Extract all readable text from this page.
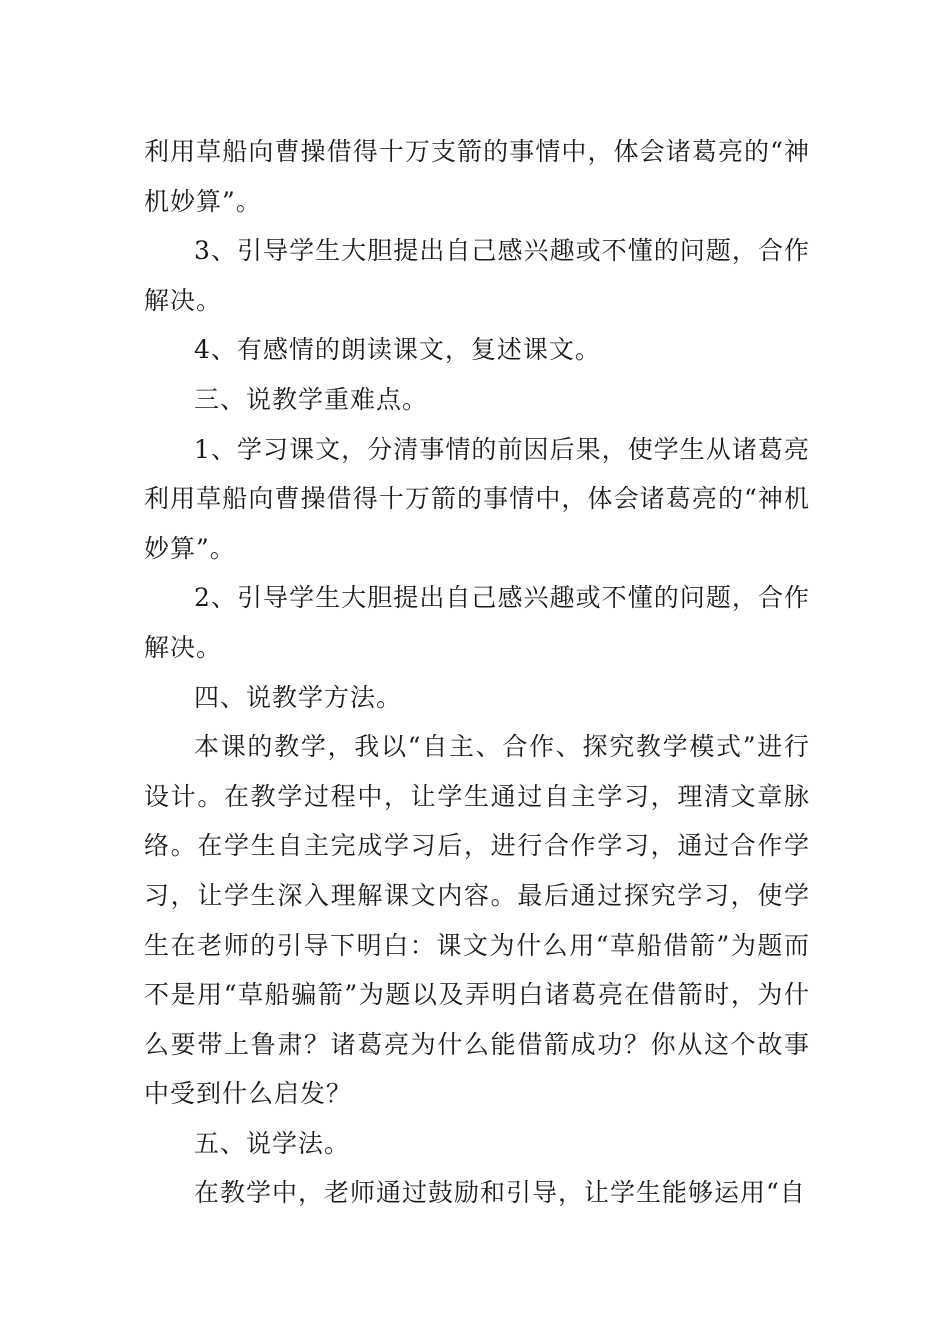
利用草船向曹操借得十万支箭的事情中，体会诸葛亮的“神机妙算”。

3、引导学生大胆提出自己感兴趣或不懂的问题，合作解决。

4、有感情的朗读课文，复述课文。

三、说教学重难点。

1、学习课文，分清事情的前因后果，使学生从诸葛亮利用草船向曹操借得十万箭的事情中，体会诸葛亮的“神机妙算”。

2、引导学生大胆提出自己感兴趣或不懂的问题，合作解决。

四、说教学方法。

本课的教学，我以“自主、合作、探究教学模式”进行设计。在教学过程中，让学生通过自主学习，理清文章脉络。在学生自主完成学习后，进行合作学习，通过合作学习，让学生深入理解课文内容。最后通过探究学习，使学生在老师的引导下明白：课文为什么用“草船借箭”为题而不是用“草船骗箭”为题以及弄明白诸葛亮在借箭时，为什么要带上鲁肃？诸葛亮为什么能借箭成功？你从这个故事中受到什么启发？

五、说学法。

在教学中，老师通过鼓励和引导，让学生能够运用“自
